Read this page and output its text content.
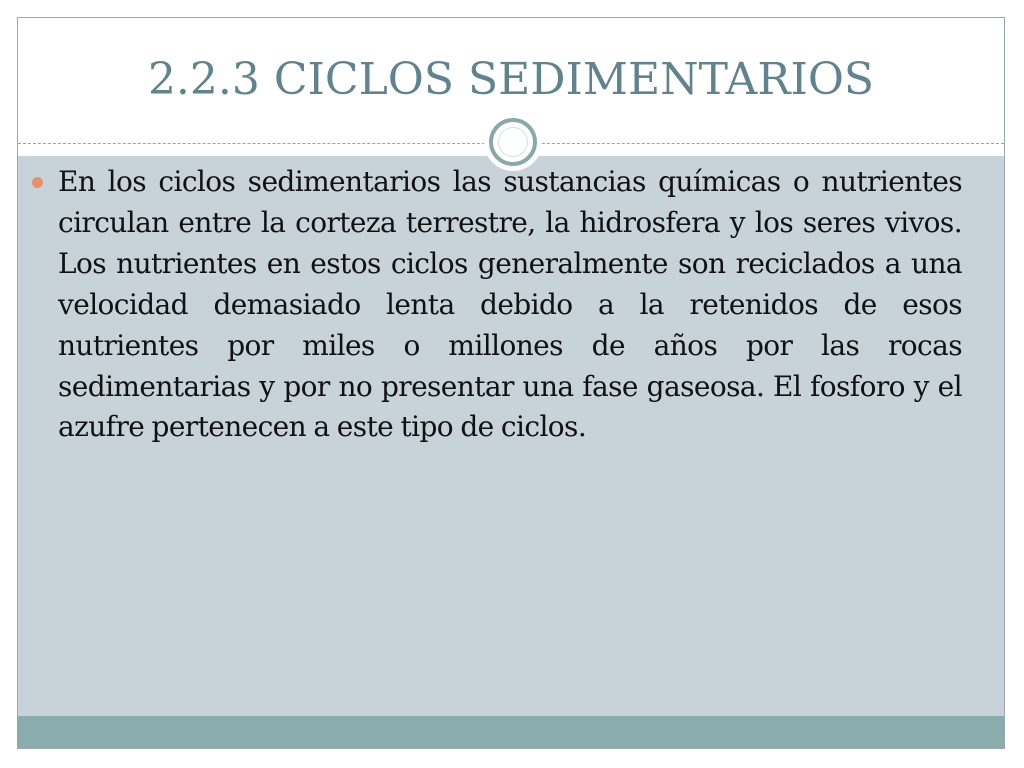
2.2.3 CICLOS SEDIMENTARIOS

En los ciclos sedimentarios las sustancias químicas o nutrientes circulan entre la corteza terrestre, la hidrosfera y los seres vivos. Los nutrientes en estos ciclos generalmente son reciclados a una velocidad demasiado lenta debido a la retenidos de esos nutrientes por miles o millones de años por las rocas sedimentarias y por no presentar una fase gaseosa. El fosforo y el azufre pertenecen a este tipo de ciclos.
